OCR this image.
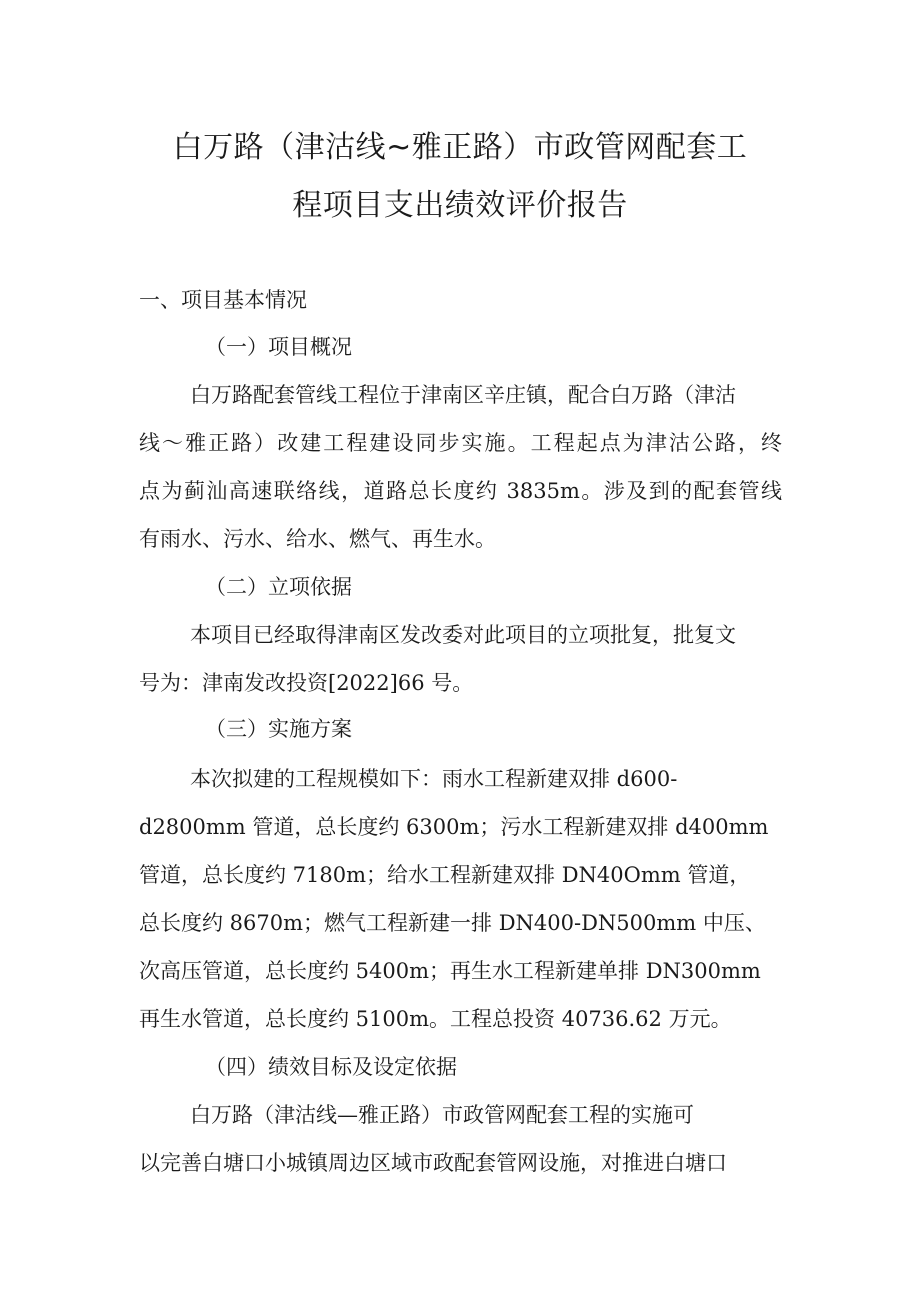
白万路（津沽线~雅正路）市政管网配套工
程项目支出绩效评价报告
一、项目基本情况
（一）项目概况
白万路配套管线工程位于津南区辛庄镇，配合白万路（津沽
线～雅正路）改建工程建设同步实施。工程起点为津沽公路，终
点为蓟汕高速联络线，道路总长度约 3835m。涉及到的配套管线
有雨水、污水、给水、燃气、再生水。
（二）立项依据
本项目已经取得津南区发改委对此项目的立项批复，批复文
号为：津南发改投资[2022]66 号。
（三）实施方案
本次拟建的工程规模如下：雨水工程新建双排 d600-
d2800mm 管道，总长度约 6300m；污水工程新建双排 d400mm
管道，总长度约 7180m；给水工程新建双排 DN40Omm 管道，
总长度约 8670m；燃气工程新建一排 DN400-DN500mm 中压、
次高压管道，总长度约 5400m；再生水工程新建单排 DN300mm
再生水管道，总长度约 5100m。工程总投资 40736.62 万元。
（四）绩效目标及设定依据
白万路（津沽线—雅正路）市政管网配套工程的实施可
以完善白塘口小城镇周边区域市政配套管网设施，对推进白塘口
